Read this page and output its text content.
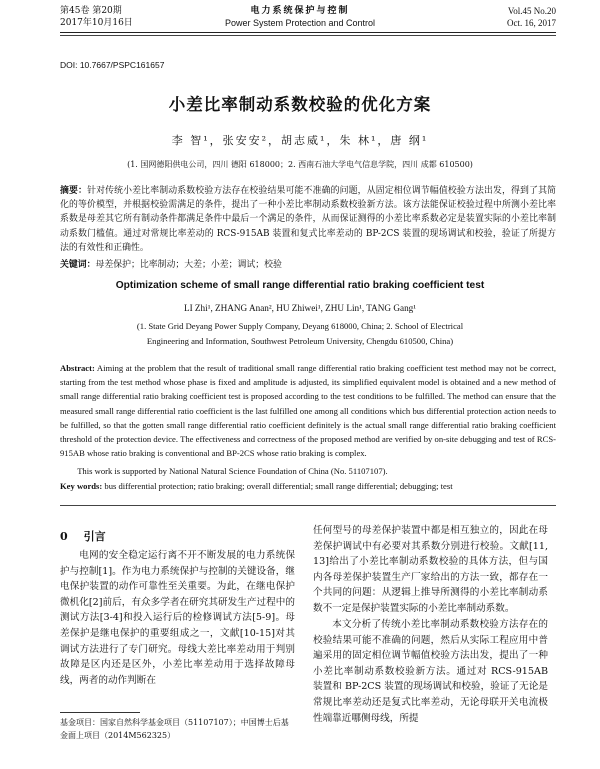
第45卷 第20期
2017年10月16日
电力系统保护与控制
Power System Protection and Control
Vol.45 No.20
Oct. 16, 2017
DOI: 10.7667/PSPC161657
小差比率制动系数校验的优化方案
李 智¹，张安安²，胡志威¹，朱 林¹，唐 纲¹
(1. 国网德阳供电公司，四川 德阳 618000；2. 西南石油大学电气信息学院，四川 成都 610500)
摘要：针对传统小差比率制动系数校验方法存在校验结果可能不准确的问题，从固定相位调节幅值校验方法出发，得到了其简化的等价模型，并根据校验需满足的条件，提出了一种小差比率制动系数校验新方法。该方法能保证校验过程中所测小差比率系数是母差其它所有制动条件都满足条件中最后一个满足的条件，从而保证测得的小差比率系数必定是装置实际的小差比率制动系数门槛值。通过对常规比率差动的 RCS-915AB 装置和复式比率差动的 BP-2CS 装置的现场调试和校验，验证了所提方法的有效性和正确性。
关键词：母差保护；比率制动；大差；小差；调试；校验
Optimization scheme of small range differential ratio braking coefficient test
LI Zhi¹, ZHANG Anan², HU Zhiwei¹, ZHU Lin¹, TANG Gang¹
(1. State Grid Deyang Power Supply Company, Deyang 618000, China; 2. School of Electrical
Engineering and Information, Southwest Petroleum University, Chengdu 610500, China)
Abstract: Aiming at the problem that the result of traditional small range differential ratio braking coefficient test method may not be correct, starting from the test method whose phase is fixed and amplitude is adjusted, its simplified equivalent model is obtained and a new method of small range differential ratio braking coefficient test is proposed according to the test conditions to be fulfilled. The method can ensure that the measured small range differential ratio coefficient is the last fulfilled one among all conditions which bus differential protection action needs to be fulfilled, so that the gotten small range differential ratio coefficient definitely is the actual small range differential ratio braking coefficient threshold of the protection device. The effectiveness and correctness of the proposed method are verified by on-site debugging and test of RCS-915AB whose ratio braking is conventional and BP-2CS whose ratio braking is complex.
This work is supported by National Natural Science Foundation of China (No. 51107107).
Key words: bus differential protection; ratio braking; overall differential; small range differential; debugging; test
0 引言
电网的安全稳定运行离不开不断发展的电力系统保护与控制[1]。作为电力系统保护与控制的关键设备，继电保护装置的动作可靠性至关重要。为此，在继电保护微机化[2]前后，有众多学者在研究其研发生产过程中的测试方法[3-4]和投入运行后的检修调试方法[5-9]。母差保护是继电保护的重要组成之一，文献[10-15]对其调试方法进行了专门研究。母线大差比率差动用于判别故障是区内还是区外，小差比率差动用于选择故障母线，两者的动作判断在
基金项目：国家自然科学基金项目（51107107）；中国博士后基金面上项目（2014M562325）
任何型号的母差保护装置中都是相互独立的，因此在母差保护调试中有必要对其系数分别进行校验。文献[11, 13]给出了小差比率制动系数校验的具体方法，但与国内各母差保护装置生产厂家给出的方法一致，都存在一个共同的问题：从逻辑上推导所测得的小差比率制动系数不一定是保护装置实际的小差比率制动系数。
本文分析了传统小差比率制动系数校验方法存在的校验结果可能不准确的问题，然后从实际工程应用中普遍采用的固定相位调节幅值校验方法出发，提出了一种小差比率制动系数校验新方法。通过对 RCS-915AB 装置和 BP-2CS 装置的现场调试和校验，验证了无论是常规比率差动还是复式比率差动，无论母联开关电流极性端靠近哪侧母线，所提
